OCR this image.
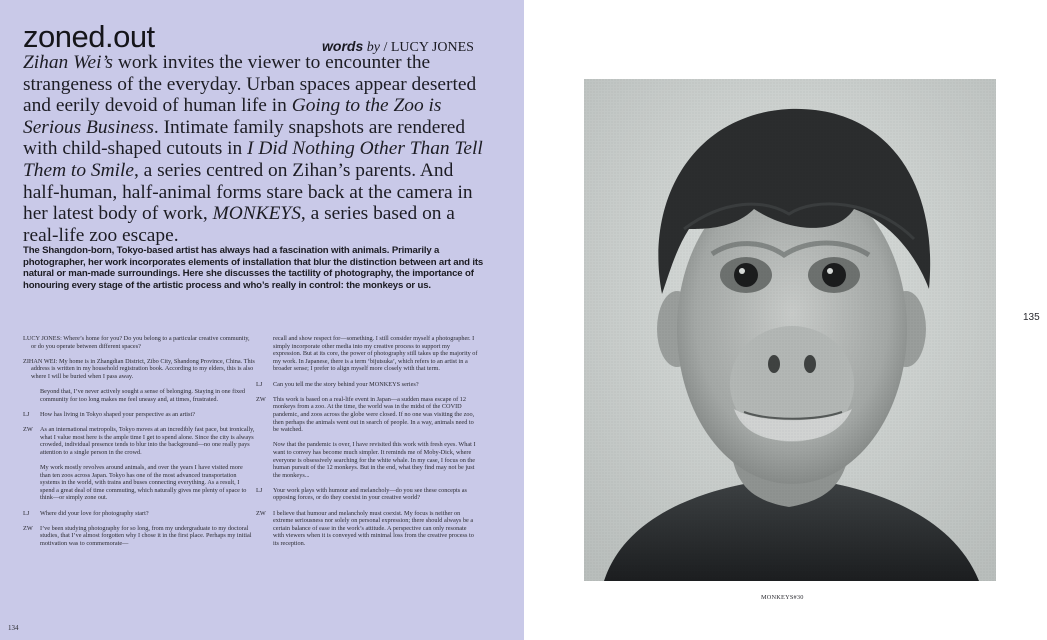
zoned.out	words by / LUCY JONES
Zihan Wei’s work invites the viewer to encounter the strangeness of the everyday. Urban spaces appear deserted and eerily devoid of human life in Going to the Zoo is Serious Business. Intimate family snapshots are rendered with child-shaped cutouts in I Did Nothing Other Than Tell Them to Smile, a series centred on Zihan’s parents. And half-human, half-animal forms stare back at the camera in her latest body of work, MONKEYS, a series based on a real-life zoo escape.
The Shangdon-born, Tokyo-based artist has always had a fascination with animals. Primarily a photographer, her work incorporates elements of installation that blur the distinction between art and its natural or man-made surroundings. Here she discusses the tactility of photography, the importance of honouring every stage of the artistic process and who’s really in control: the monkeys or us.
LUCY JONES: Where’s home for you? Do you belong to a particular creative community, or do you operate between different spaces?
ZIHAN WEI: My home is in Zhangdian District, Zibo City, Shandong Province, China. This address is written in my household registration book. According to my elders, this is also where I will be buried when I pass away.
Beyond that, I’ve never actively sought a sense of belonging. Staying in one fixed community for too long makes me feel uneasy and, at times, frustrated.
LJ	How has living in Tokyo shaped your perspective as an artist?
ZW	As an international metropolis, Tokyo moves at an incredibly fast pace, but ironically, what I value most here is the ample time I get to spend alone. Since the city is always crowded, individual presence tends to blur into the background—no one really pays attention to a single person in the crowd.
My work mostly revolves around animals, and over the years I have visited more than ten zoos across Japan. Tokyo has one of the most advanced transportation systems in the world, with trains and buses connecting everything. As a result, I spend a great deal of time commuting, which naturally gives me plenty of space to think—or simply zone out.
LJ	Where did your love for photography start?
ZW	I’ve been studying photography for so long, from my undergraduate to my doctoral studies, that I’ve almost forgotten why I chose it in the first place. Perhaps my initial motivation was to commemorate—
recall and show respect for—something. I still consider myself a photographer. I simply incorporate other media into my creative process to support my expression. But at its core, the power of photography still takes up the majority of my work. In Japanese, there is a term ‘bijutsuka’, which refers to an artist in a broader sense; I prefer to align myself more closely with that term.
LJ	Can you tell me the story behind your MONKEYS series?
ZW	This work is based on a real-life event in Japan—a sudden mass escape of 12 monkeys from a zoo. At the time, the world was in the midst of the COVID pandemic, and zoos across the globe were closed. If no one was visiting the zoo, then perhaps the animals went out in search of people. In a way, animals need to be watched.
Now that the pandemic is over, I have revisited this work with fresh eyes. What I want to convey has become much simpler. It reminds me of Moby-Dick, where everyone is obsessively searching for the white whale. In my case, I focus on the human pursuit of the 12 monkeys. But in the end, what they find may not be just the monkeys...
LJ	Your work plays with humour and melancholy—do you see these concepts as opposing forces, or do they coexist in your creative world?
ZW	I believe that humour and melancholy must coexist. My focus is neither on extreme seriousness nor solely on personal expression; there should always be a certain balance of ease in the work’s attitude. A perspective can only resonate with viewers when it is conveyed with minimal loss from the creative process to its reception.
134
MONKEYS#30
135
